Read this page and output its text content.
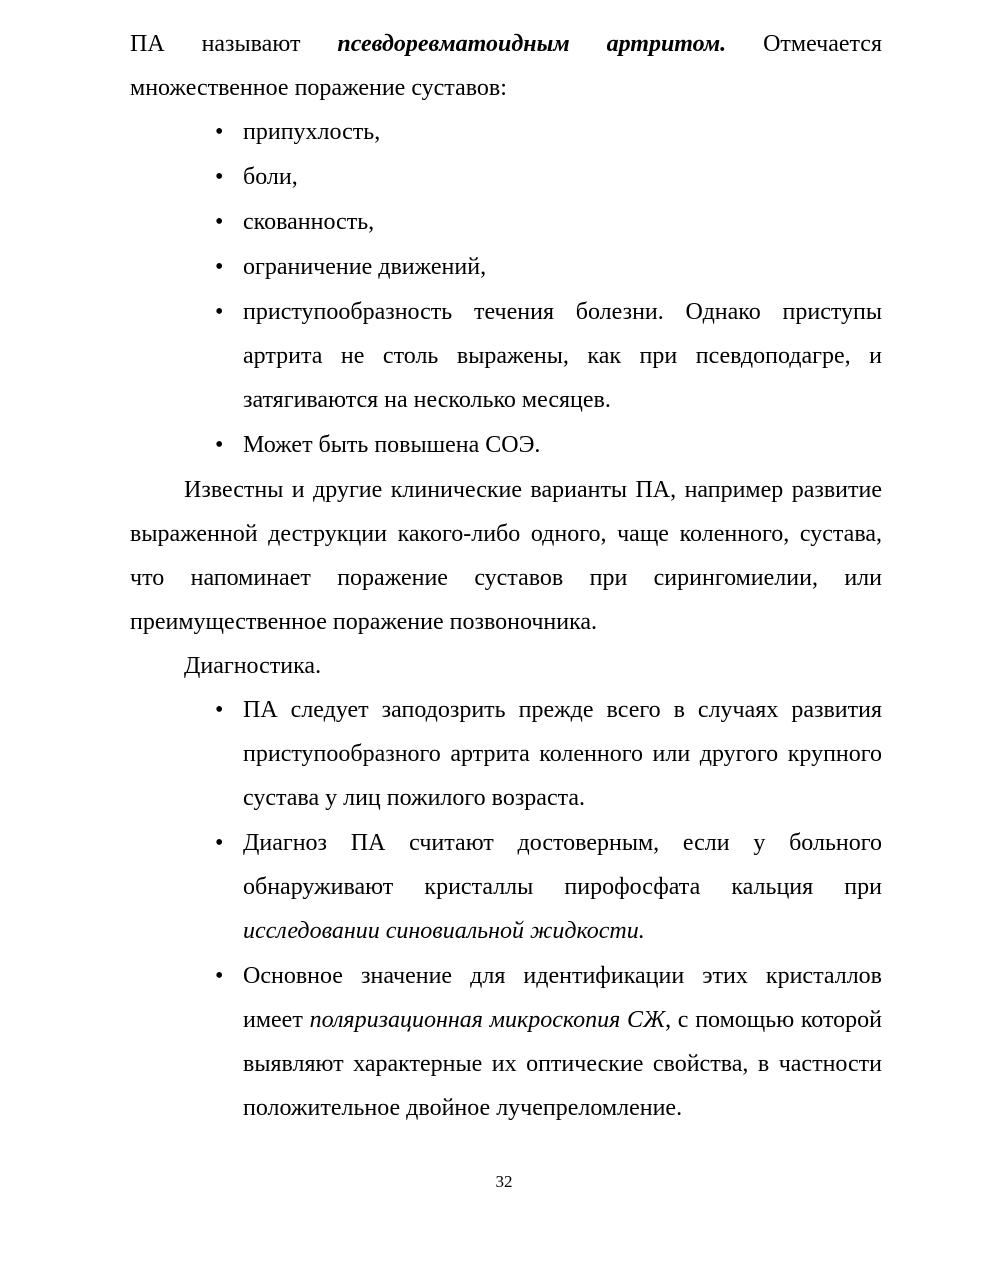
ПА называют псевдоревматоидным артритом. Отмечается множественное поражение суставов:

• припухлость,
• боли,
• скованность,
• ограничение движений,
• приступообразность течения болезни. Однако приступы артрита не столь выражены, как при псевдоподагре, и затягиваются на несколько месяцев.
• Может быть повышена СОЭ.

Известны и другие клинические варианты ПА, например развитие выраженной деструкции какого-либо одного, чаще коленного, сустава, что напоминает поражение суставов при сирингомиелии, или преимущественное поражение позвоночника.

Диагностика.

• ПА следует заподозрить прежде всего в случаях развития приступообразного артрита коленного или другого крупного сустава у лиц пожилого возраста.
• Диагноз ПА считают достоверным, если у больного обнаруживают кристаллы пирофосфата кальция при исследовании синовиальной жидкости.
• Основное значение для идентификации этих кристаллов имеет поляризационная микроскопия СЖ, с помощью которой выявляют характерные их оптические свойства, в частности положительное двойное лучепреломление.
32
